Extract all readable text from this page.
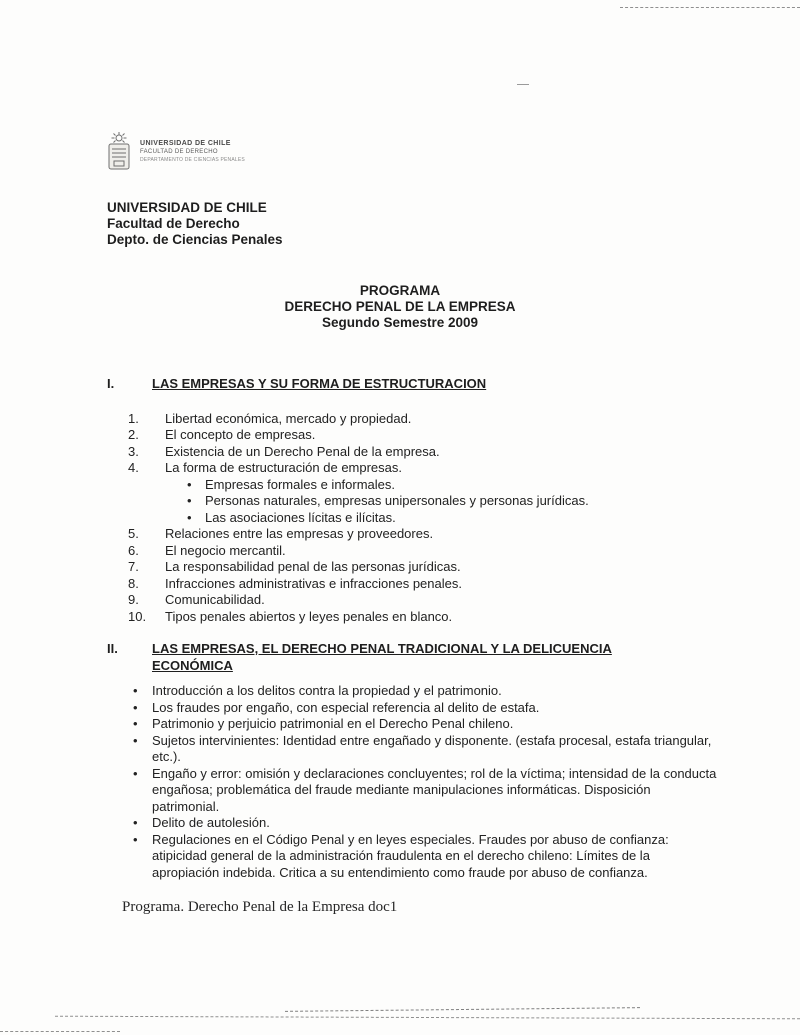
UNIVERSIDAD DE CHILE
FACULTAD DE DERECHO
DEPARTAMENTO DE CIENCIAS PENALES
UNIVERSIDAD DE CHILE
Facultad de Derecho
Depto. de Ciencias Penales
PROGRAMA
DERECHO PENAL DE LA EMPRESA
Segundo Semestre 2009
I.	LAS EMPRESAS Y SU FORMA DE ESTRUCTURACION
1.	Libertad económica, mercado y propiedad.
2.	El concepto de empresas.
3.	Existencia de un Derecho Penal de la empresa.
4.	La forma de estructuración de empresas.
•	Empresas formales e informales.
•	Personas naturales, empresas unipersonales y personas jurídicas.
•	Las asociaciones lícitas e ilícitas.
5.	Relaciones entre las empresas y proveedores.
6.	El negocio mercantil.
7.	La responsabilidad penal de las personas jurídicas.
8.	Infracciones administrativas e infracciones penales.
9.	Comunicabilidad.
10.	Tipos penales abiertos y leyes penales en blanco.
II.	LAS EMPRESAS, EL DERECHO PENAL TRADICIONAL Y LA DELICUENCIA
ECONÓMICA
•	Introducción a los delitos contra la propiedad y el patrimonio.
•	Los fraudes por engaño, con especial referencia al delito de estafa.
•	Patrimonio y perjuicio patrimonial en el Derecho Penal chileno.
•	Sujetos intervinientes: Identidad entre engañado y disponente. (estafa procesal, estafa triangular, etc.).
•	Engaño y error: omisión y declaraciones concluyentes; rol de la víctima; intensidad de la conducta engañosa; problemática del fraude mediante manipulaciones informáticas. Disposición patrimonial.
•	Delito de autolesión.
•	Regulaciones en el Código Penal y en leyes especiales. Fraudes por abuso de confianza: atipicidad general de la administración fraudulenta en el derecho chileno: Límites de la apropiación indebida. Critica a su entendimiento como fraude por abuso de confianza.
Programa. Derecho Penal de la Empresa doc1
